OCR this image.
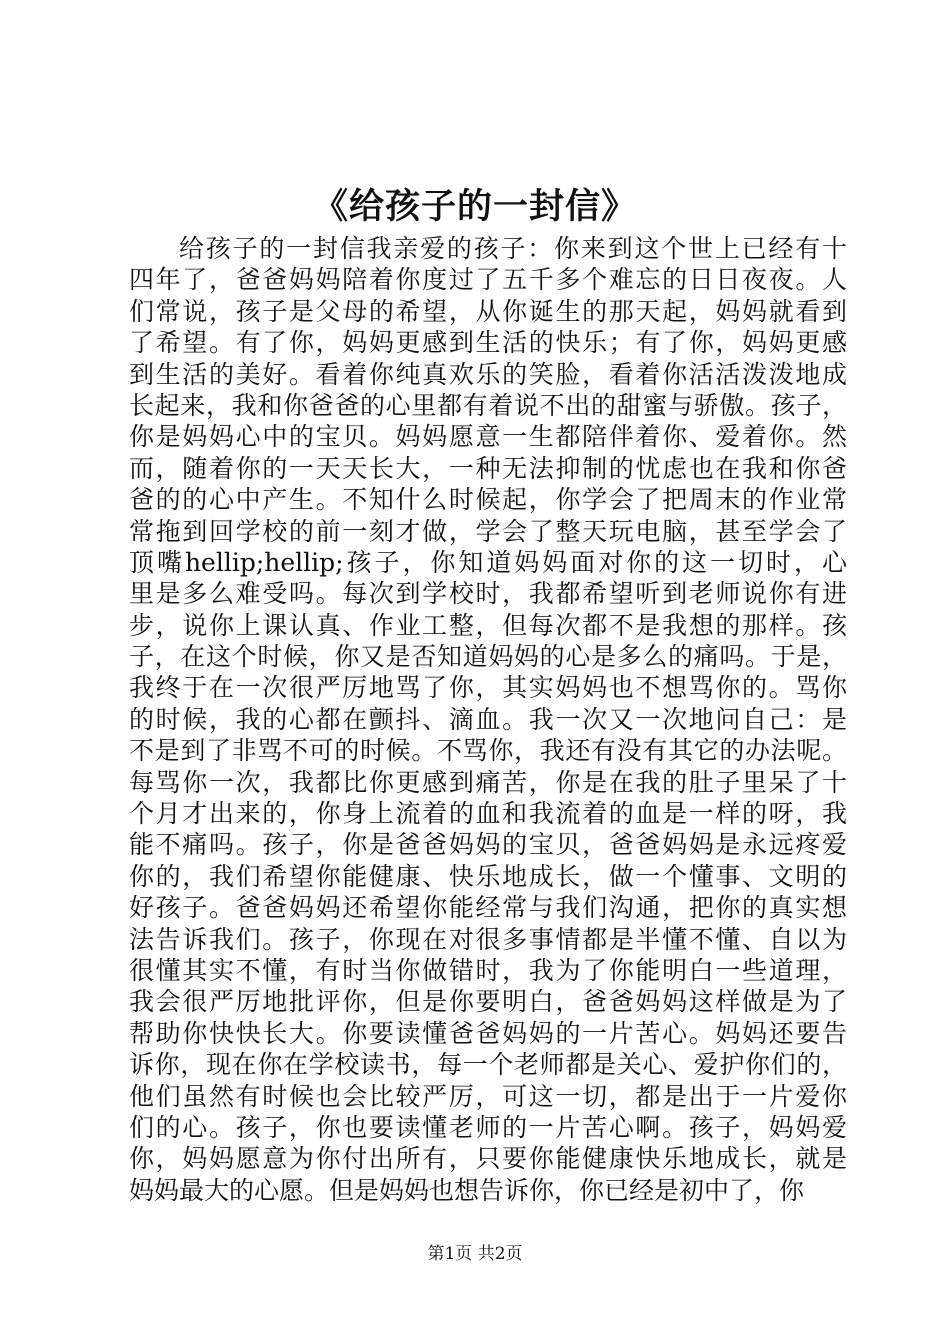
《给孩子的一封信》
给孩子的一封信我亲爱的孩子：你来到这个世上已经有十
四年了，爸爸妈妈陪着你度过了五千多个难忘的日日夜夜。人
们常说，孩子是父母的希望，从你诞生的那天起，妈妈就看到
了希望。有了你，妈妈更感到生活的快乐；有了你，妈妈更感
到生活的美好。看着你纯真欢乐的笑脸，看着你活活泼泼地成
长起来，我和你爸爸的心里都有着说不出的甜蜜与骄傲。孩子，
你是妈妈心中的宝贝。妈妈愿意一生都陪伴着你、爱着你。然
而，随着你的一天天长大，一种无法抑制的忧虑也在我和你爸
爸的的心中产生。不知什么时候起，你学会了把周末的作业常
常拖到回学校的前一刻才做，学会了整天玩电脑，甚至学会了
顶嘴hellip;hellip;孩子，你知道妈妈面对你的这一切时，心
里是多么难受吗。每次到学校时，我都希望听到老师说你有进
步，说你上课认真、作业工整，但每次都不是我想的那样。孩
子，在这个时候，你又是否知道妈妈的心是多么的痛吗。于是，
我终于在一次很严厉地骂了你，其实妈妈也不想骂你的。骂你
的时候，我的心都在颤抖、滴血。我一次又一次地问自己：是
不是到了非骂不可的时候。不骂你，我还有没有其它的办法呢。
每骂你一次，我都比你更感到痛苦，你是在我的肚子里呆了十
个月才出来的，你身上流着的血和我流着的血是一样的呀，我
能不痛吗。孩子，你是爸爸妈妈的宝贝，爸爸妈妈是永远疼爱
你的，我们希望你能健康、快乐地成长，做一个懂事、文明的
好孩子。爸爸妈妈还希望你能经常与我们沟通，把你的真实想
法告诉我们。孩子，你现在对很多事情都是半懂不懂、自以为
很懂其实不懂，有时当你做错时，我为了你能明白一些道理，
我会很严厉地批评你，但是你要明白，爸爸妈妈这样做是为了
帮助你快快长大。你要读懂爸爸妈妈的一片苦心。妈妈还要告
诉你，现在你在学校读书，每一个老师都是关心、爱护你们的，
他们虽然有时候也会比较严厉，可这一切，都是出于一片爱你
们的心。孩子，你也要读懂老师的一片苦心啊。孩子，妈妈爱
你，妈妈愿意为你付出所有，只要你能健康快乐地成长，就是
妈妈最大的心愿。但是妈妈也想告诉你，你已经是初中了，你
第1页 共2页
